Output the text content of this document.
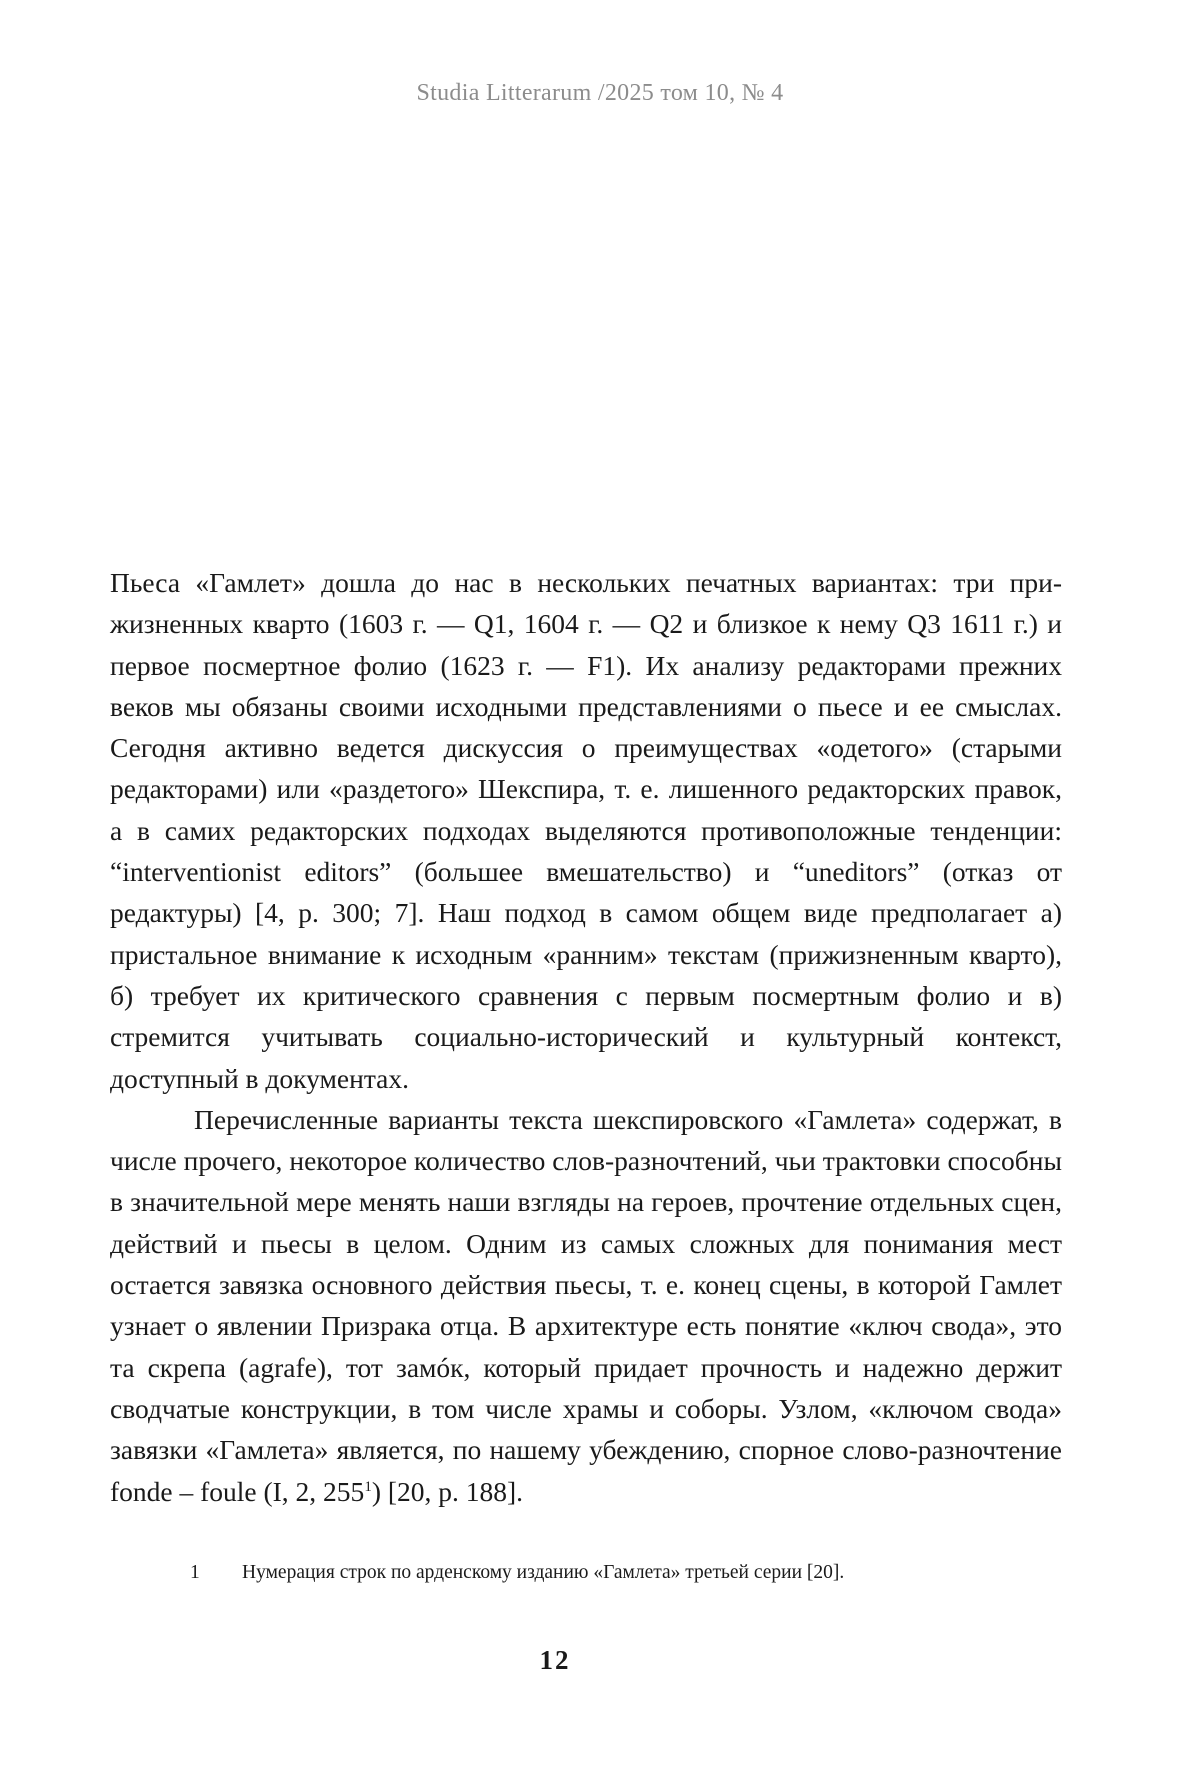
Studia Litterarum /2025 том 10, № 4

Пьеса «Гамлет» дошла до нас в нескольких печатных вариантах: три прижизненных кварто (1603 г. — Q1, 1604 г. — Q2 и близкое к нему Q3 1611 г.) и первое посмертное фолио (1623 г. — F1). Их анализу редакторами прежних веков мы обязаны своими исходными представлениями о пьесе и ее смыслах. Сегодня активно ведется дискуссия о преимуществах «одетого» (старыми редакторами) или «раздетого» Шекспира, т. е. лишенного редакторских правок, а в самих редакторских подходах выделяются противоположные тенденции: “interventionist editors” (большее вмешательство) и “uneditors” (отказ от редактуры) [4, p. 300; 7]. Наш подход в самом общем виде предполагает а) пристальное внимание к исходным «ранним» текстам (прижизненным кварто), б) требует их критического сравнения с первым посмертным фолио и в) стремится учитывать социально-исторический и культурный контекст, доступный в документах.

Перечисленные варианты текста шекспировского «Гамлета» содержат, в числе прочего, некоторое количество слов-разночтений, чьи трактовки способны в значительной мере менять наши взгляды на героев, прочтение отдельных сцен, действий и пьесы в целом. Одним из самых сложных для понимания мест остается завязка основного действия пьесы, т. е. конец сцены, в которой Гамлет узнает о явлении Призрака отца. В архитектуре есть понятие «ключ свода», это та скрепа (agrafe), тот замóк, который придает прочность и надежно держит сводчатые конструкции, в том числе храмы и соборы. Узлом, «ключом свода» завязки «Гамлета» является, по нашему убеждению, спорное слово-разночтение fonde – foule (I, 2, $255^1$) [20, p. 188].

1	Нумерация строк по арденскому изданию «Гамлета» третьей серии [20].
12
